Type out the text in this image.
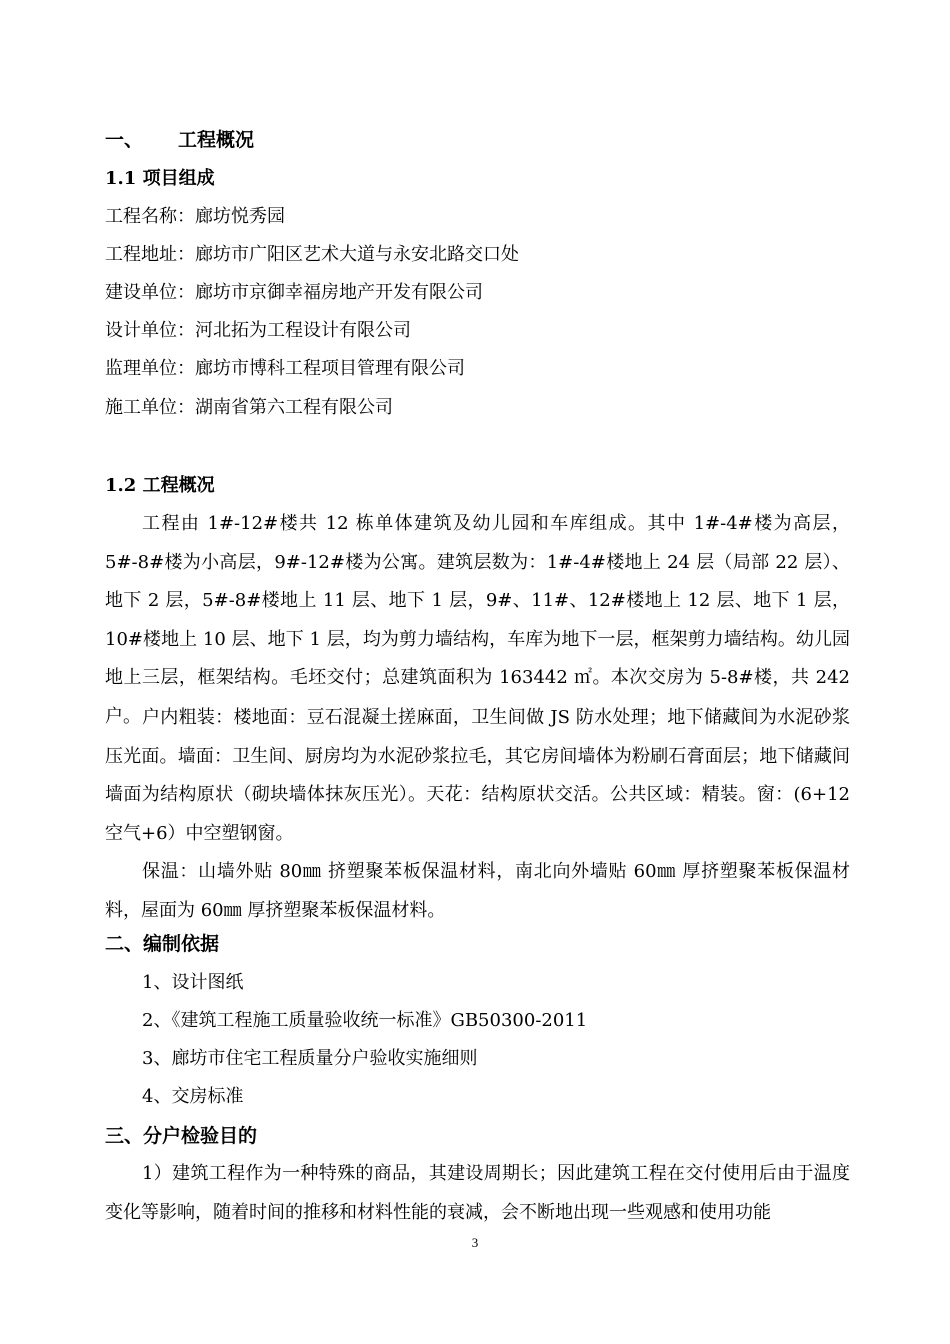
一、 工程概况
1.1 项目组成
工程名称：廊坊悦秀园
工程地址：廊坊市广阳区艺术大道与永安北路交口处
建设单位：廊坊市京御幸福房地产开发有限公司
设计单位：河北拓为工程设计有限公司
监理单位：廊坊市博科工程项目管理有限公司
施工单位：湖南省第六工程有限公司
1.2 工程概况
工程由 1#-12#楼共 12 栋单体建筑及幼儿园和车库组成。其中 1#-4#楼为高层，5#-8#楼为小高层，9#-12#楼为公寓。建筑层数为：1#-4#楼地上 24 层（局部 22 层）、地下 2 层，5#-8#楼地上 11 层、地下 1 层，9#、11#、12#楼地上 12 层、地下 1 层，10#楼地上 10 层、地下 1 层，均为剪力墙结构，车库为地下一层，框架剪力墙结构。幼儿园地上三层，框架结构。毛坯交付；总建筑面积为 163442 ㎡。本次交房为 5-8#楼，共 242 户。 户内粗装：楼地面：豆石混凝土搓麻面，卫生间做 JS 防水处理；地下储藏间为水泥砂浆压光面。墙面：卫生间、厨房均为水泥砂浆拉毛，其它房间墙体为粉刷石膏面层；地下储藏间墙面为结构原状（砌块墙体抹灰压光）。天花：结构原状交活。公共区域：精装。窗：(6+12 空气+6）中空塑钢窗。
保温：山墙外贴 80㎜ 挤塑聚苯板保温材料，南北向外墙贴 60㎜ 厚挤塑聚苯板保温材料，屋面为 60㎜ 厚挤塑聚苯板保温材料。
二、编制依据
1、设计图纸
2、《建筑工程施工质量验收统一标准》GB50300-2011
3、廊坊市住宅工程质量分户验收实施细则
4、交房标准
三、分户检验目的
1）建筑工程作为一种特殊的商品，其建设周期长；因此建筑工程在交付使用后由于温度变化等影响，随着时间的推移和材料性能的衰减，会不断地出现一些观感和使用功能
3
